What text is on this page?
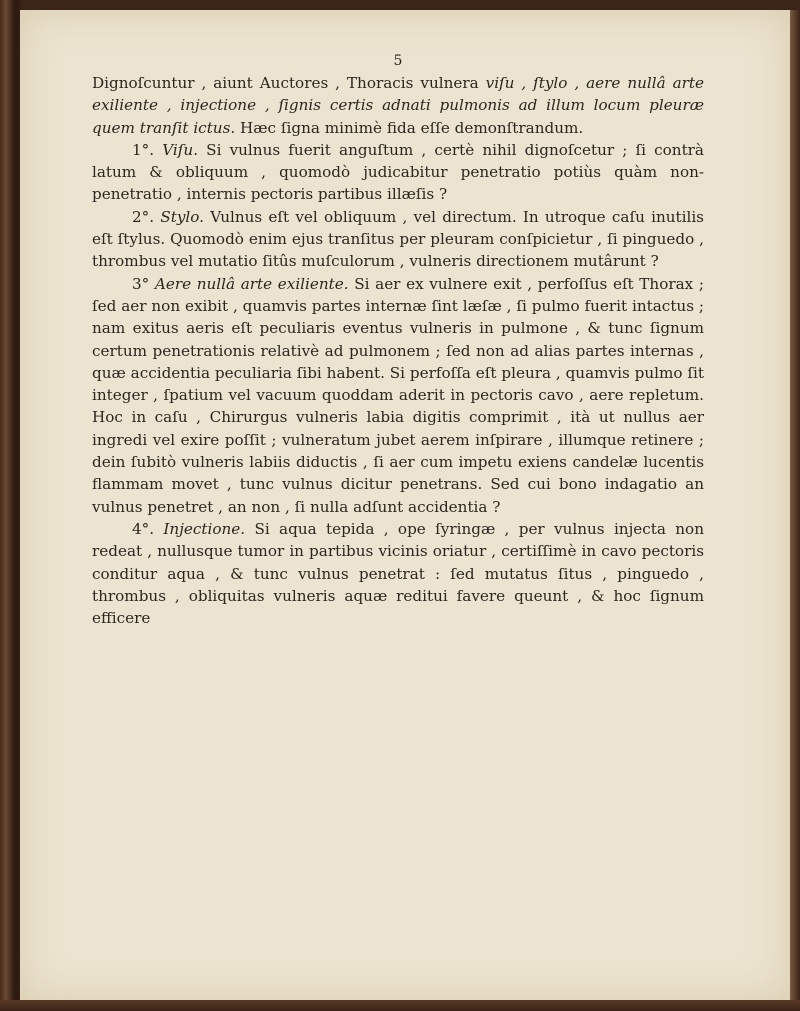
5

Dignoſcuntur , aiunt Auctores , Thoracis vulnera viſu , ſtylo , aere nullâ arte exiliente , injectione , ſignis certis adnati pulmonis ad illum locum pleuræ quem tranſit ictus. Hæc ſigna minimè fida eſſe demonſtrandum.

1°. Viſu. Si vulnus fuerit anguſtum , certè nihil dignoſcetur ; ſi contrà latum & obliquum , quomodò judicabitur penetratio potiùs quàm non-penetratio , internis pectoris partibus illæſis ?

2°. Stylo. Vulnus eſt vel obliquum , vel directum. In utroque caſu inutilis eſt ſtylus. Quomodò enim ejus tranſitus per pleuram conſpicietur , ſi pinguedo , thrombus vel mutatio ſitûs muſculorum , vulneris directionem mutârunt ?

3° Aere nullâ arte exiliente. Si aer ex vulnere exit , perfoſſus eſt Thorax ; ſed aer non exibit , quamvis partes internæ ſint læſæ , ſi pulmo fuerit intactus ; nam exitus aeris eſt peculiaris eventus vulneris in pulmone , & tunc ſignum certum penetrationis relativè ad pulmonem ; ſed non ad alias partes internas , quæ accidentia peculiaria ſibi habent. Si perfoſſa eſt pleura , quamvis pulmo ſit integer , ſpatium vel vacuum quoddam aderit in pectoris cavo , aere repletum. Hoc in caſu , Chirurgus vulneris labia digitis comprimit , ità ut nullus aer ingredi vel exire poſſit ; vulneratum jubet aerem inſpirare , illumque retinere ; dein ſubitò vulneris labiis diductis , ſi aer cum impetu exiens candelæ lucentis flammam movet , tunc vulnus dicitur penetrans. Sed cui bono indagatio an vulnus penetret , an non , ſi nulla adſunt accidentia ?

4°. Injectione. Si aqua tepida , ope ſyringæ , per vulnus injecta non redeat , nullusque tumor in partibus vicinis oriatur , certiſſimè in cavo pectoris conditur aqua , & tunc vulnus penetrat : ſed mutatus ſitus , pinguedo , thrombus , obliquitas vulneris aquæ reditui favere queunt , & hoc ſignum efficere
